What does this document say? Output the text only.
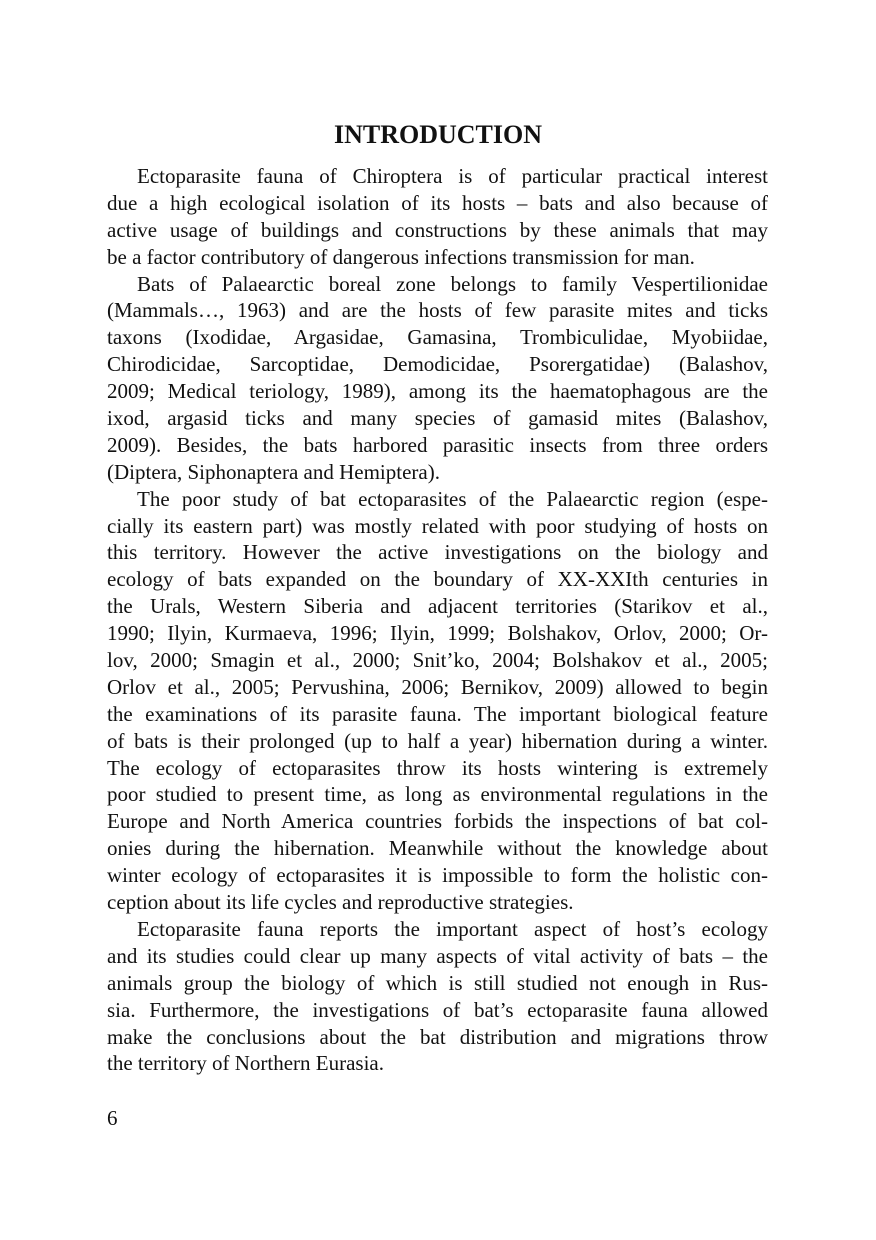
INTRODUCTION
Ectoparasite fauna of Chiroptera is of particular practical interest
due a high ecological isolation of its hosts – bats and also because of
active usage of buildings and constructions by these animals that may
be a factor contributory of dangerous infections transmission for man.
Bats of Palaearctic boreal zone belongs to family Vespertilionidae
(Mammals…, 1963) and are the hosts of few parasite mites and ticks
taxons (Ixodidae, Argasidae, Gamasina, Trombiculidae, Myobiidae,
Chirodicidae, Sarcoptidae, Demodicidae, Psorergatidae) (Balashov,
2009; Medical teriology, 1989), among its the haematophagous are the
ixod, argasid ticks and many species of gamasid mites (Balashov,
2009). Besides, the bats harbored parasitic insects from three orders
(Diptera, Siphonaptera and Hemiptera).
The poor study of bat ectoparasites of the Palaearctic region (espe-
cially its eastern part) was mostly related with poor studying of hosts on
this territory. However the active investigations on the biology and
ecology of bats expanded on the boundary of XX-XXIth centuries in
the Urals, Western Siberia and adjacent territories (Starikov et al.,
1990; Ilyin, Kurmaeva, 1996; Ilyin, 1999; Bolshakov, Orlov, 2000; Or-
lov, 2000; Smagin et al., 2000; Snit’ko, 2004; Bolshakov et al., 2005;
Orlov et al., 2005; Pervushina, 2006; Bernikov, 2009) allowed to begin
the examinations of its parasite fauna. The important biological feature
of bats is their prolonged (up to half a year) hibernation during a winter.
The ecology of ectoparasites throw its hosts wintering is extremely
poor studied to present time, as long as environmental regulations in the
Europe and North America countries forbids the inspections of bat col-
onies during the hibernation. Meanwhile without the knowledge about
winter ecology of ectoparasites it is impossible to form the holistic con-
ception about its life cycles and reproductive strategies.
Ectoparasite fauna reports the important aspect of host’s ecology
and its studies could clear up many aspects of vital activity of bats – the
animals group the biology of which is still studied not enough in Rus-
sia. Furthermore, the investigations of bat’s ectoparasite fauna allowed
make the conclusions about the bat distribution and migrations throw
the territory of Northern Eurasia.
6
